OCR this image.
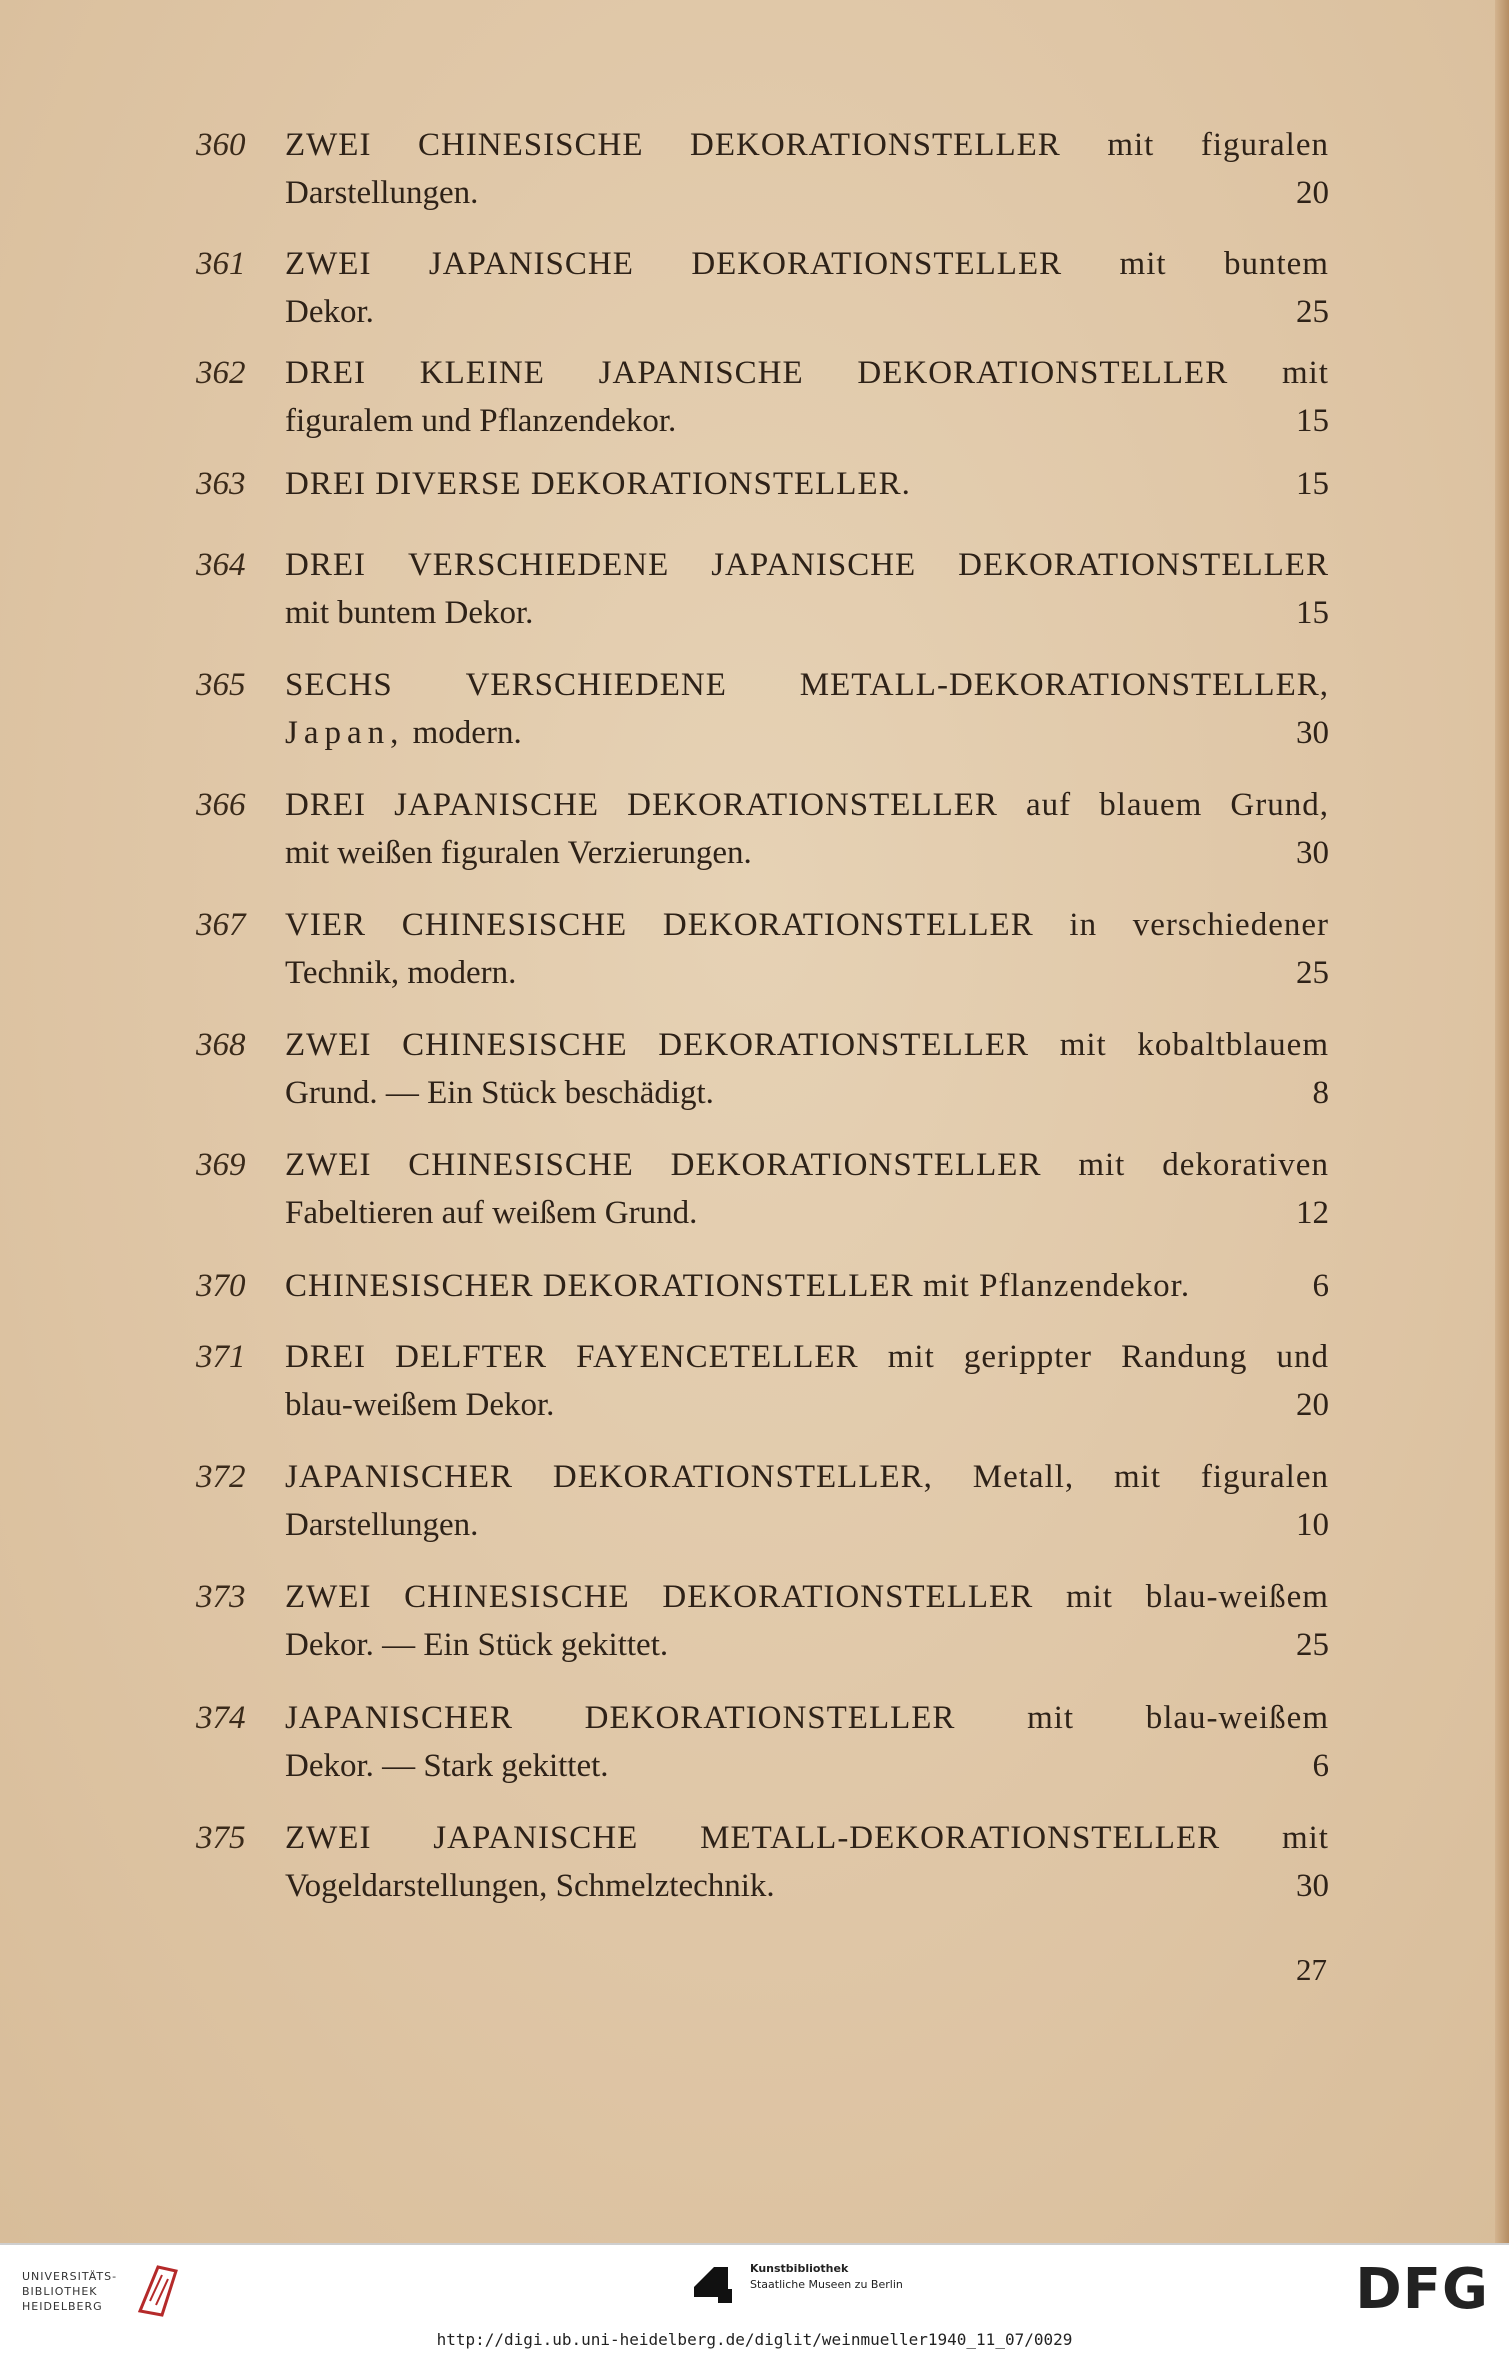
360 ZWEI CHINESISCHE DEKORATIONSTELLER mit figuralen
Darstellungen.	20
361 ZWEI JAPANISCHE DEKORATIONSTELLER mit buntem
Dekor.	25
362 DREI KLEINE JAPANISCHE DEKORATIONSTELLER mit
figuralem und Pflanzendekor.	15
363 DREI DIVERSE DEKORATIONSTELLER.	15
364 DREI VERSCHIEDENE JAPANISCHE DEKORATIONSTELLER
mit buntem Dekor.	15
365 SECHS VERSCHIEDENE METALL-DEKORATIONSTELLER,
Japan, modern.	30
366 DREI JAPANISCHE DEKORATIONSTELLER auf blauem Grund,
mit weißen figuralen Verzierungen.	30
367 VIER CHINESISCHE DEKORATIONSTELLER in verschiedener
Technik, modern.	25
368 ZWEI CHINESISCHE DEKORATIONSTELLER mit kobaltblauem
Grund. — Ein Stück beschädigt.	8
369 ZWEI CHINESISCHE DEKORATIONSTELLER mit dekorativen
Fabeltieren auf weißem Grund.	12
370 CHINESISCHER DEKORATIONSTELLER mit Pflanzendekor.	6
371 DREI DELFTER FAYENCETELLER mit gerippter Randung und
blau-weißem Dekor.	20
372 JAPANISCHER DEKORATIONSTELLER, Metall, mit figuralen
Darstellungen.	10
373 ZWEI CHINESISCHE DEKORATIONSTELLER mit blau-weißem
Dekor. — Ein Stück gekittet.	25
374 JAPANISCHER DEKORATIONSTELLER mit blau-weißem
Dekor. — Stark gekittet.	6
375 ZWEI JAPANISCHE METALL-DEKORATIONSTELLER mit
Vogeldarstellungen, Schmelztechnik.	30
27
UNIVERSITÄTS-
BIBLIOTHEK
HEIDELBERG
Kunstbibliothek
Staatliche Museen zu Berlin	DFG
http://digi.ub.uni-heidelberg.de/diglit/weinmueller1940_11_07/0029
